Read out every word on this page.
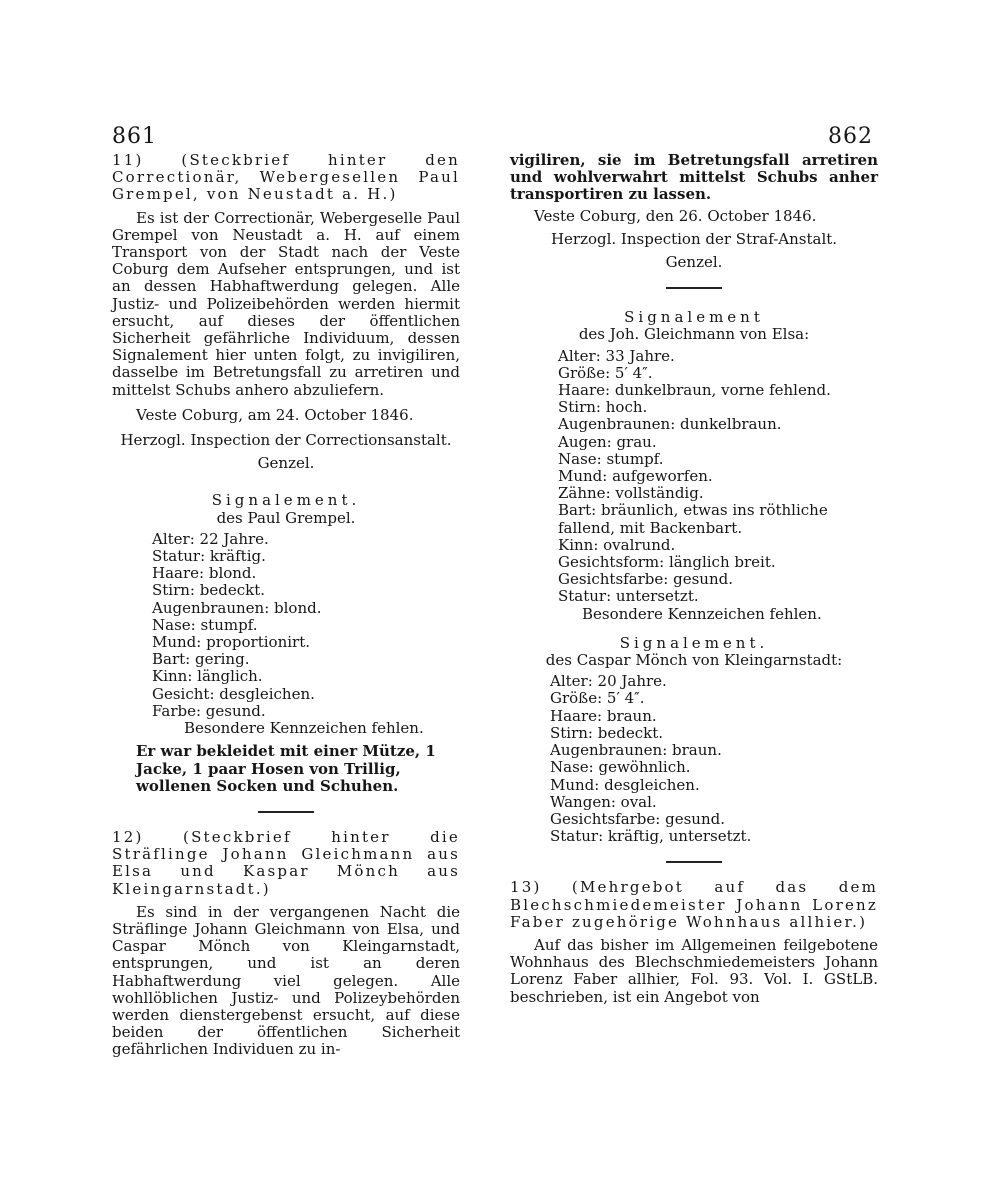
861	862

11) (Steckbrief hinter den Correctionär, Webergesellen Paul Grempel, von Neustadt a. H.)

Es ist der Correctionär, Webergeselle Paul Grempel von Neustadt a. H. auf einem Transport von der Stadt nach der Veste Coburg dem Aufseher entsprungen, und ist an dessen Habhaftwerdung gelegen. Alle Justiz- und Polizeibehörden werden hiermit ersucht, auf dieses der öffentlichen Sicherheit gefährliche Individuum, dessen Signalement hier unten folgt, zu invigiliren, dasselbe im Betretungsfall zu arretiren und mittelst Schubs anhero abzuliefern.

Veste Coburg, am 24. October 1846.

Herzogl. Inspection der Correctionsanstalt.

Genzel.

Signalement.

des Paul Grempel.

Alter: 22 Jahre.
Statur: kräftig.
Haare: blond.
Stirn: bedeckt.
Augenbraunen: blond.
Nase: stumpf.
Mund: proportionirt.
Bart: gering.
Kinn: länglich.
Gesicht: desgleichen.
Farbe: gesund.

Besondere Kennzeichen fehlen.

Er war bekleidet mit einer Mütze, 1 Jacke, 1 paar Hosen von Trillig, wollenen Socken und Schuhen.

12) (Steckbrief hinter die Sträflinge Johann Gleichmann aus Elsa und Kaspar Mönch aus Kleingarnstadt.)

Es sind in der vergangenen Nacht die Sträflinge Johann Gleichmann von Elsa, und Caspar Mönch von Kleingarnstadt, entsprungen, und ist an deren Habhaftwerdung viel gelegen. Alle wohllöblichen Justiz- und Polizeybehörden werden dienstergebenst ersucht, auf diese beiden der öffentlichen Sicherheit gefährlichen Individuen zu in-

vigiliren, sie im Betretungsfall arretiren und wohlverwahrt mittelst Schubs anher transportiren zu lassen.

Veste Coburg, den 26. October 1846.

Herzogl. Inspection der Straf-Anstalt.

Genzel.

Signalement

des Joh. Gleichmann von Elsa:

Alter: 33 Jahre.
Größe: 5′ 4″.
Haare: dunkelbraun, vorne fehlend.
Stirn: hoch.
Augenbraunen: dunkelbraun.
Augen: grau.
Nase: stumpf.
Mund: aufgeworfen.
Zähne: vollständig.
Bart: bräunlich, etwas ins röthliche fallend, mit Backenbart.
Kinn: ovalrund.
Gesichtsform: länglich breit.
Gesichtsfarbe: gesund.
Statur: untersetzt.

Besondere Kennzeichen fehlen.

Signalement.

des Caspar Mönch von Kleingarnstadt:

Alter: 20 Jahre.
Größe: 5′ 4″.
Haare: braun.
Stirn: bedeckt.
Augenbraunen: braun.
Nase: gewöhnlich.
Mund: desgleichen.
Wangen: oval.
Gesichtsfarbe: gesund.
Statur: kräftig, untersetzt.

13) (Mehrgebot auf das dem Blechschmiedemeister Johann Lorenz Faber zugehörige Wohnhaus allhier.)

Auf das bisher im Allgemeinen feilgebotene Wohnhaus des Blechschmiedemeisters Johann Lorenz Faber allhier, Fol. 93. Vol. I. GStLB. beschrieben, ist ein Angebot von
